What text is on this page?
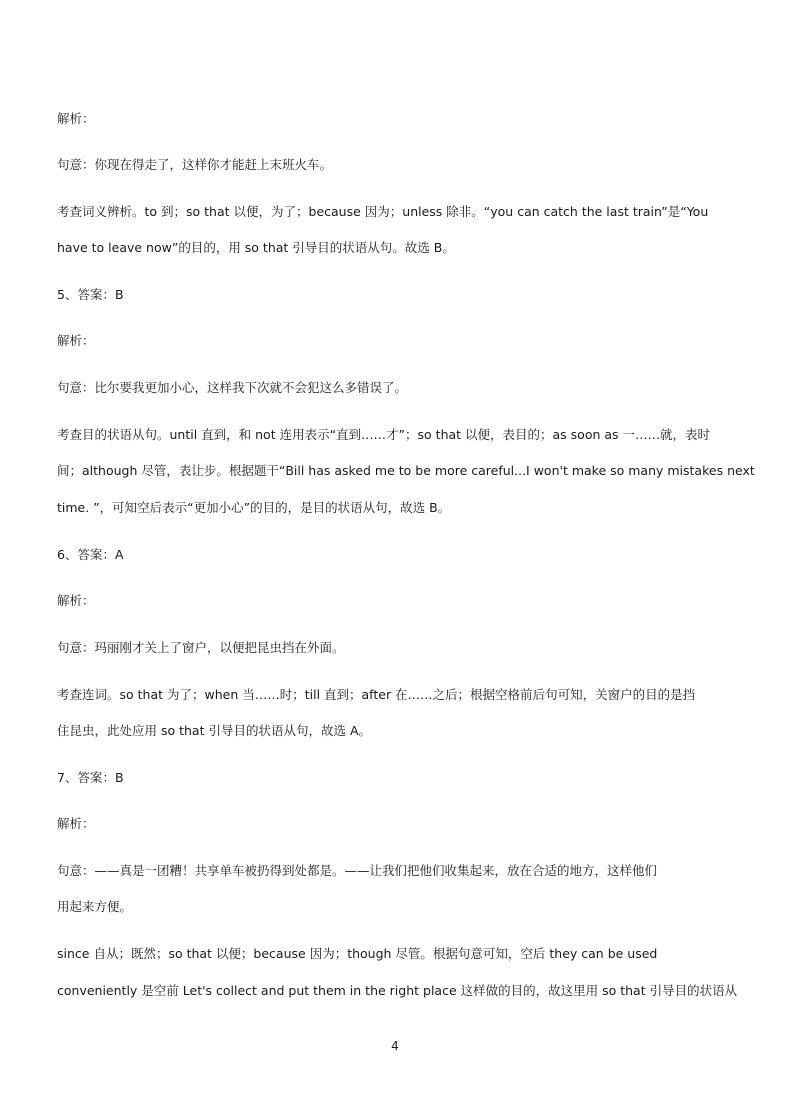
解析：
句意：你现在得走了，这样你才能赶上末班火车。
考查词义辨析。to 到；so that 以便，为了；because 因为；unless 除非。“you can catch the last train”是“You
have to leave now”的目的，用 so that 引导目的状语从句。故选 B。
5、答案：B
解析：
句意：比尔要我更加小心，这样我下次就不会犯这么多错误了。
考查目的状语从句。until 直到，和 not 连用表示“直到……才”；so that 以便，表目的；as soon as 一……就，表时
间；although 尽管，表让步。根据题干“Bill has asked me to be more careful...I won't make so many mistakes next
time. ”，可知空后表示“更加小心”的目的，是目的状语从句，故选 B。
6、答案：A
解析：
句意：玛丽刚才关上了窗户，以便把昆虫挡在外面。
考查连词。so that 为了；when 当……时；till 直到；after 在……之后；根据空格前后句可知，关窗户的目的是挡
住昆虫，此处应用 so that 引导目的状语从句，故选 A。
7、答案：B
解析：
句意：——真是一团糟！共享单车被扔得到处都是。——让我们把他们收集起来，放在合适的地方，这样他们
用起来方便。
since 自从；既然；so that 以便；because 因为；though 尽管。根据句意可知，空后 they can be used
conveniently 是空前 Let's collect and put them in the right place 这样做的目的，故这里用 so that 引导目的状语从
4
